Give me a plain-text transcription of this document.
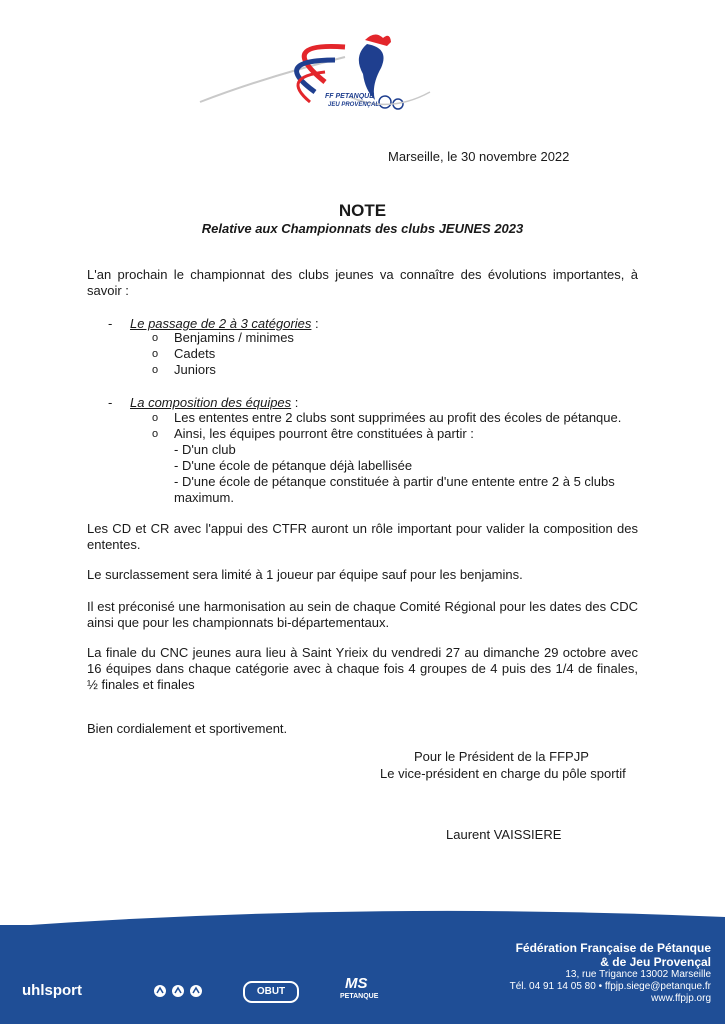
FF PETANQUE
JEU PROVENÇAL
Marseille, le 30 novembre 2022
NOTE
Relative aux Championnats des clubs JEUNES 2023
L'an prochain le championnat des clubs jeunes va connaître des évolutions importantes, à savoir :
- Le passage de 2 à 3 catégories :
o Benjamins / minimes
o Cadets
o Juniors
- La composition des équipes :
o Les ententes entre 2 clubs sont supprimées au profit des écoles de pétanque.
o Ainsi, les équipes pourront être constituées à partir :
- D'un club
- D'une école de pétanque déjà labellisée
- D'une école de pétanque constituée à partir d'une entente entre 2 à 5 clubs maximum.
Les CD et CR avec l'appui des CTFR auront un rôle important pour valider la composition des ententes.
Le surclassement sera limité à 1 joueur par équipe sauf pour les benjamins.
Il est préconisé une harmonisation au sein de chaque Comité Régional pour les dates des CDC ainsi que pour les championnats bi-départementaux.
La finale du CNC jeunes aura lieu à Saint Yrieix du vendredi 27 au dimanche 29 octobre avec 16 équipes dans chaque catégorie avec à chaque fois 4 groupes de 4 puis des 1/4 de finales, ½ finales et finales
Bien cordialement et sportivement.
Pour le Président de la FFPJP
Le vice-président en charge du pôle sportif
Laurent VAISSIERE
Fédération Française de Pétanque
& de Jeu Provençal
13, rue Trigance 13002 Marseille
Tél. 04 91 14 05 80 • ffpjp.siege@petanque.fr
www.ffpjp.org
uhlsport	OBUT	MS
PETANQUE
